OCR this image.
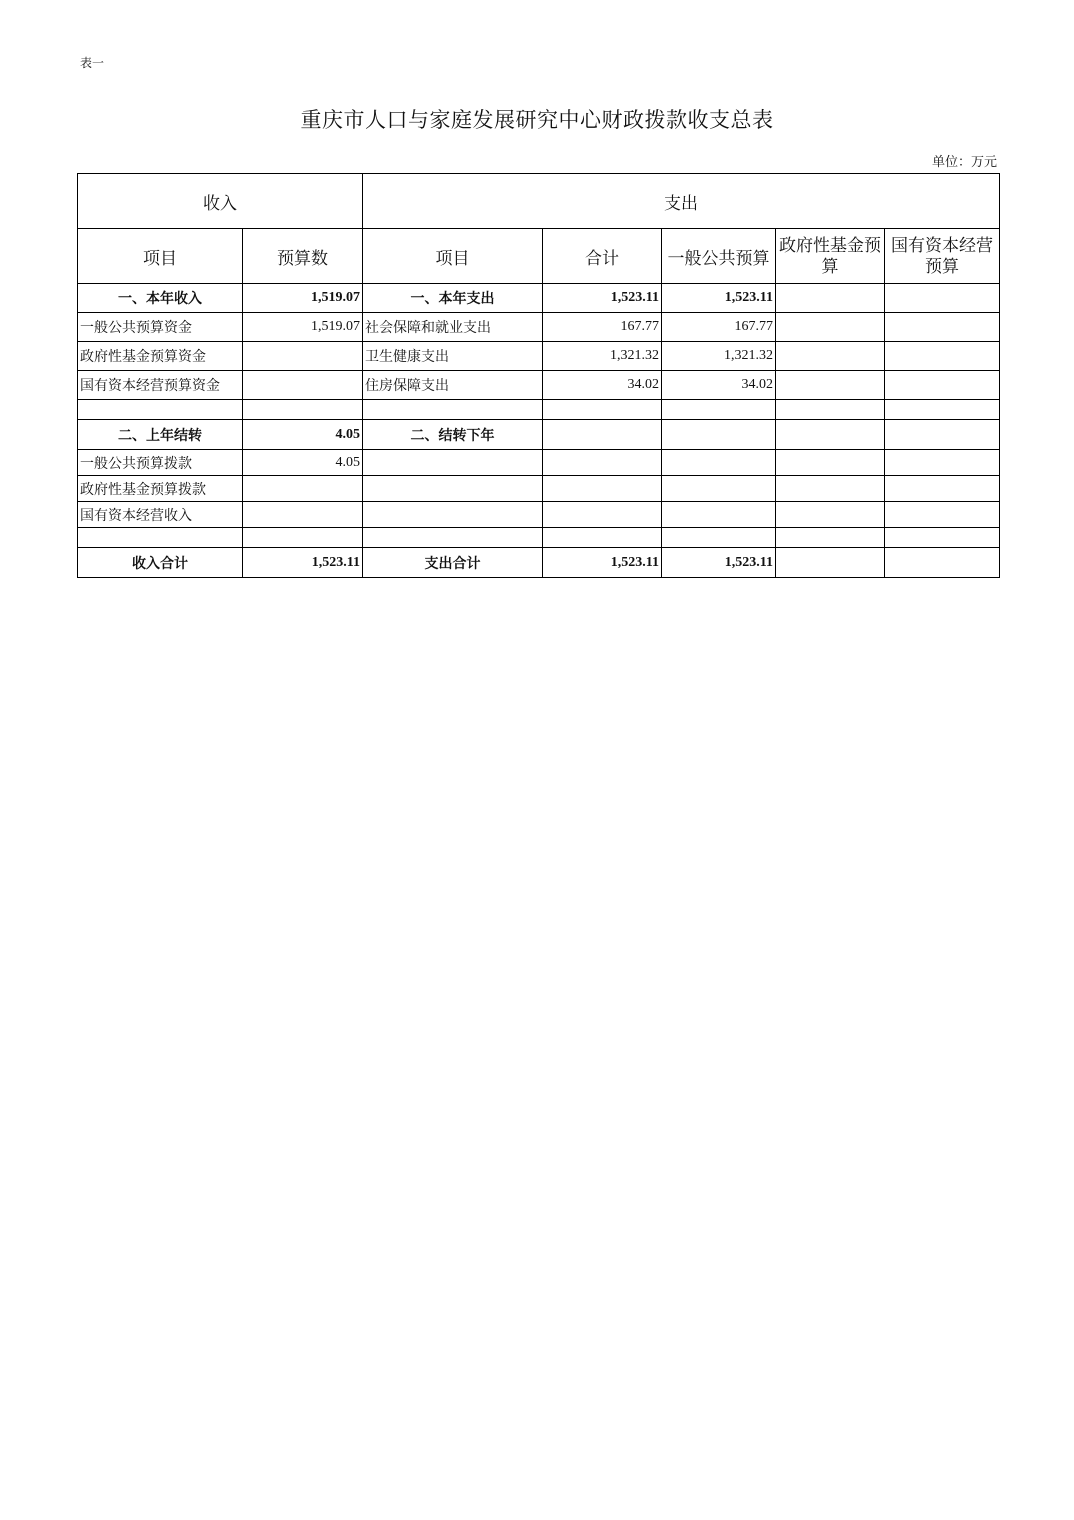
表一
重庆市人口与家庭发展研究中心财政拨款收支总表
单位：万元
收入		支出				
项目	预算数	项目	合计	一般公共预算	政府性基金预算	国有资本经营预算
一、本年收入	1,519.07	一、本年支出	1,523.11	1,523.11		
一般公共预算资金	1,519.07	社会保障和就业支出	167.77	167.77		
政府性基金预算资金		卫生健康支出	1,321.32	1,321.32		
国有资本经营预算资金		住房保障支出	34.02	34.02		

二、上年结转	4.05	二、结转下年				
一般公共预算拨款	4.05					
政府性基金预算拨款						
国有资本经营收入						

收入合计	1,523.11	支出合计	1,523.11	1,523.11		
